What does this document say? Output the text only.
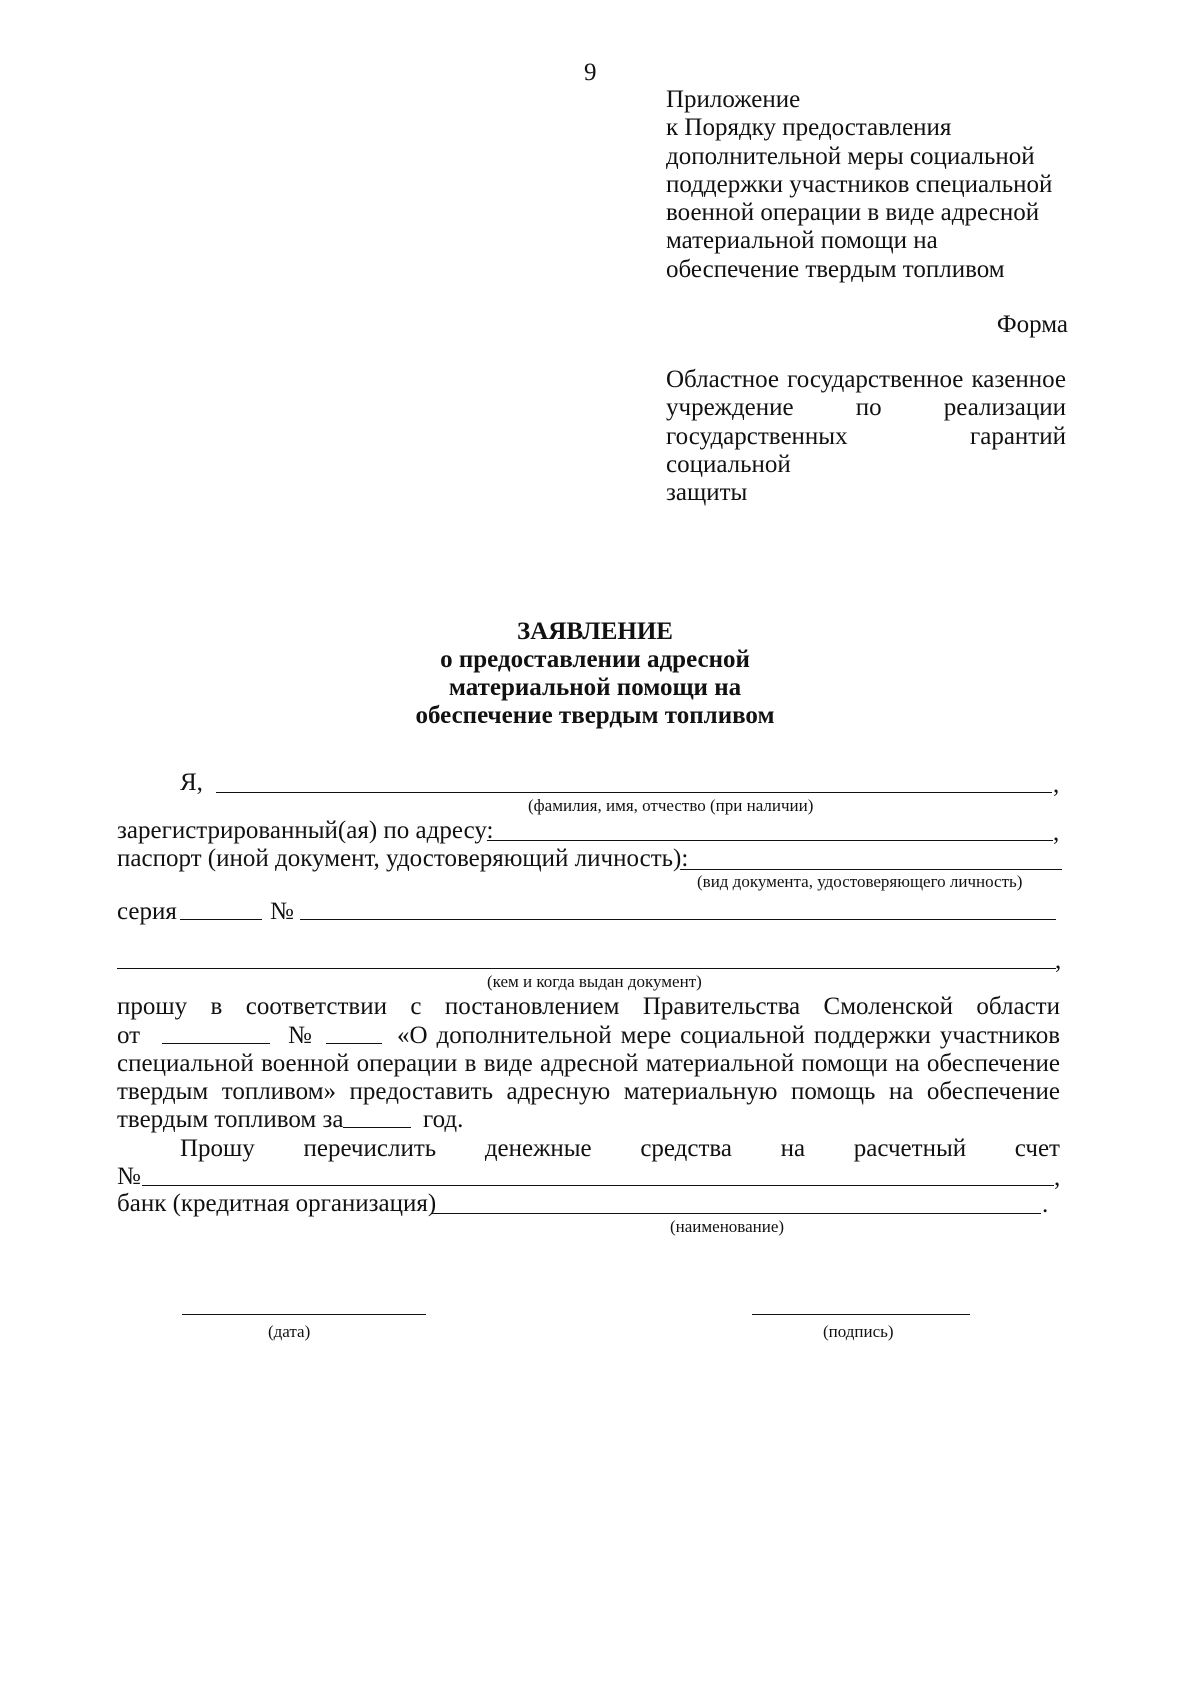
9
Приложение
к Порядку предоставления
дополнительной меры социальной
поддержки участников специальной
военной операции в виде адресной
материальной помощи на
обеспечение твердым топливом
Форма
Областное государственное казенное
учреждение по реализации
государственных гарантий социальной
защиты
ЗАЯВЛЕНИЕ
о предоставлении адресной
материальной помощи на
обеспечение твердым топливом
Я,	,
(фамилия, имя, отчество (при наличии)
зарегистрированный(ая) по адресу:	,
паспорт (иной документ, удостоверяющий личность):
(вид документа, удостоверяющего личность)
серия	№
,
(кем и когда выдан документ)
прошу в соответствии с постановлением Правительства Смоленской области
от	№	«О дополнительной мере социальной поддержки участников
специальной военной операции в виде адресной материальной помощи на обеспечение
твердым топливом» предоставить адресную материальную помощь на обеспечение
твердым топливом за	год.
Прошу перечислить денежные средства на расчетный счет
№	,
банк (кредитная организация)	.
(наименование)
(дата)	(подпись)
